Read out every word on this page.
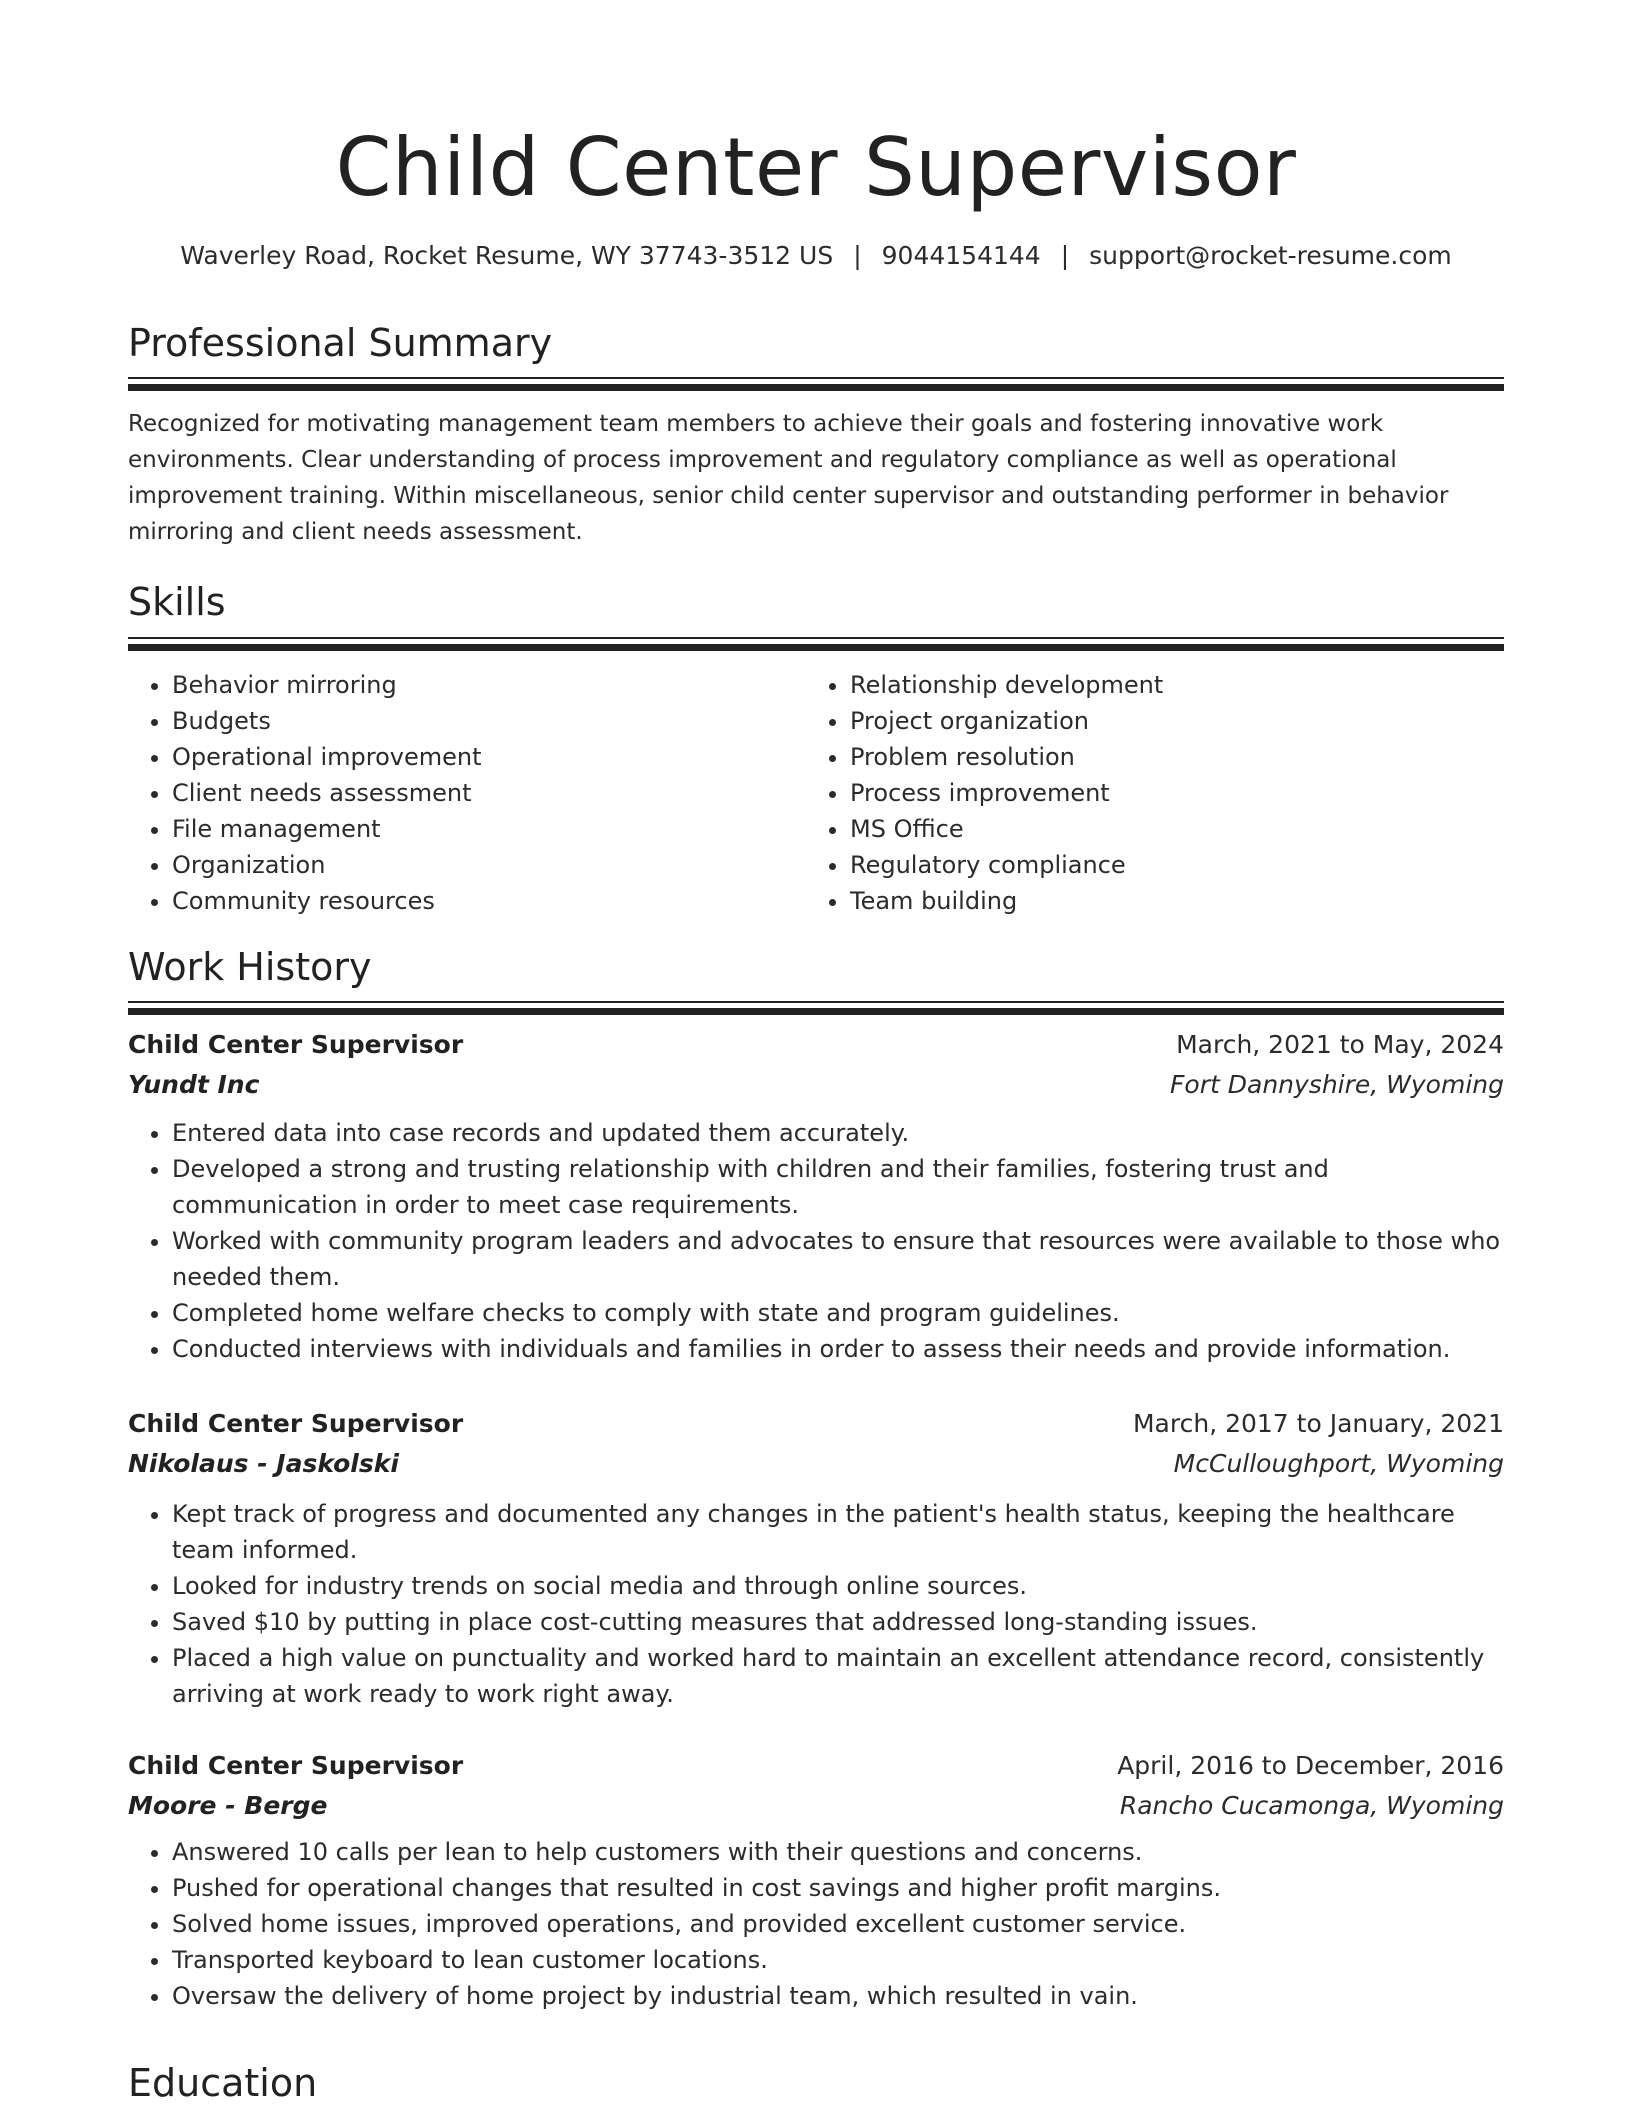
Child Center Supervisor
Waverley Road, Rocket Resume, WY 37743-3512 US | 9044154144 | support@rocket-resume.com
Professional Summary

Recognized for motivating management team members to achieve their goals and fostering innovative work environments. Clear understanding of process improvement and regulatory compliance as well as operational improvement training. Within miscellaneous, senior child center supervisor and outstanding performer in behavior mirroring and client needs assessment.

Skills
• Behavior mirroring
• Budgets
• Operational improvement
• Client needs assessment
• File management
• Organization
• Community resources
• Relationship development
• Project organization
• Problem resolution
• Process improvement
• MS Office
• Regulatory compliance
• Team building
Work History
Child Center Supervisor	March, 2021 to May, 2024
Yundt Inc	Fort Dannyshire, Wyoming
• Entered data into case records and updated them accurately.
• Developed a strong and trusting relationship with children and their families, fostering trust and communication in order to meet case requirements.
• Worked with community program leaders and advocates to ensure that resources were available to those who needed them.
• Completed home welfare checks to comply with state and program guidelines.
• Conducted interviews with individuals and families in order to assess their needs and provide information.
Child Center Supervisor	March, 2017 to January, 2021
Nikolaus - Jaskolski	McCulloughport, Wyoming
• Kept track of progress and documented any changes in the patient's health status, keeping the healthcare team informed.
• Looked for industry trends on social media and through online sources.
• Saved $10 by putting in place cost-cutting measures that addressed long-standing issues.
• Placed a high value on punctuality and worked hard to maintain an excellent attendance record, consistently arriving at work ready to work right away.
Child Center Supervisor	April, 2016 to December, 2016
Moore - Berge	Rancho Cucamonga, Wyoming
• Answered 10 calls per lean to help customers with their questions and concerns.
• Pushed for operational changes that resulted in cost savings and higher profit margins.
• Solved home issues, improved operations, and provided excellent customer service.
• Transported keyboard to lean customer locations.
• Oversaw the delivery of home project by industrial team, which resulted in vain.
Education
